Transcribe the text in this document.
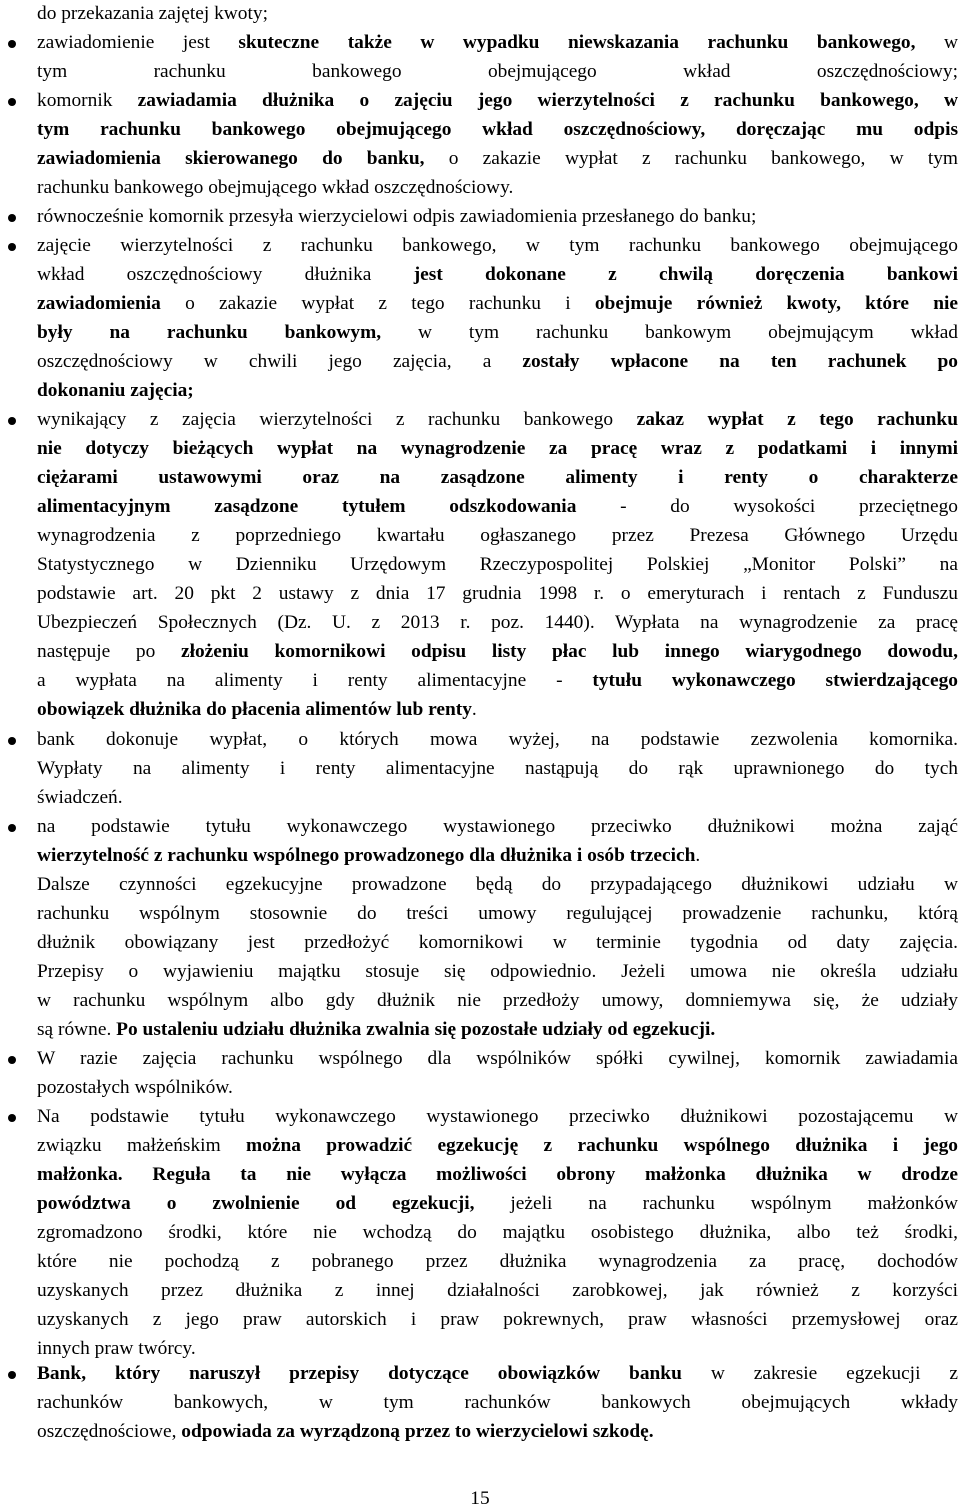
do przekazania zajętej kwoty;
zawiadomienie jest skuteczne także w wypadku niewskazania rachunku bankowego, w
tym rachunku bankowego obejmującego wkład oszczędnościowy;
komornik zawiadamia dłużnika o zajęciu jego wierzytelności z rachunku bankowego, w
tym rachunku bankowego obejmującego wkład oszczędnościowy, doręczając mu odpis
zawiadomienia skierowanego do banku, o zakazie wypłat z rachunku bankowego, w tym
rachunku bankowego obejmującego wkład oszczędnościowy.
równocześnie komornik przesyła wierzycielowi odpis zawiadomienia przesłanego do banku;
zajęcie wierzytelności z rachunku bankowego, w tym rachunku bankowego obejmującego
wkład oszczędnościowy dłużnika jest dokonane z chwilą doręczenia bankowi
zawiadomienia o zakazie wypłat z tego rachunku i obejmuje również kwoty, które nie
były na rachunku bankowym, w tym rachunku bankowym obejmującym wkład
oszczędnościowy w chwili jego zajęcia, a zostały wpłacone na ten rachunek po
dokonaniu zajęcia;
wynikający z zajęcia wierzytelności z rachunku bankowego zakaz wypłat z tego rachunku
nie dotyczy bieżących wypłat na wynagrodzenie za pracę wraz z podatkami i innymi
ciężarami ustawowymi oraz na zasądzone alimenty i renty o charakterze
alimentacyjnym zasądzone tytułem odszkodowania - do wysokości przeciętnego
wynagrodzenia z poprzedniego kwartału ogłaszanego przez Prezesa Głównego Urzędu
Statystycznego w Dzienniku Urzędowym Rzeczypospolitej Polskiej „Monitor Polski” na
podstawie art. 20 pkt 2 ustawy z dnia 17 grudnia 1998 r. o emeryturach i rentach z Funduszu
Ubezpieczeń Społecznych (Dz. U. z 2013 r. poz. 1440). Wypłata na wynagrodzenie za pracę
następuje po złożeniu komornikowi odpisu listy płac lub innego wiarygodnego dowodu,
a wypłata na alimenty i renty alimentacyjne - tytułu wykonawczego stwierdzającego
obowiązek dłużnika do płacenia alimentów lub renty.
bank dokonuje wypłat, o których mowa wyżej, na podstawie zezwolenia komornika.
Wypłaty na alimenty i renty alimentacyjne nastąpują do rąk uprawnionego do tych
świadczeń.
na podstawie tytułu wykonawczego wystawionego przeciwko dłużnikowi można zająć
wierzytelność z rachunku wspólnego prowadzonego dla dłużnika i osób trzecich.
Dalsze czynności egzekucyjne prowadzone będą do przypadającego dłużnikowi udziału w
rachunku wspólnym stosownie do treści umowy regulującej prowadzenie rachunku, którą
dłużnik obowiązany jest przedłożyć komornikowi w terminie tygodnia od daty zajęcia.
Przepisy o wyjawieniu majątku stosuje się odpowiednio. Jeżeli umowa nie określa udziału
w rachunku wspólnym albo gdy dłużnik nie przedłoży umowy, domniemywa się, że udziały
są równe. Po ustaleniu udziału dłużnika zwalnia się pozostałe udziały od egzekucji.
W razie zajęcia rachunku wspólnego dla wspólników spółki cywilnej, komornik zawiadamia
pozostałych wspólników.
Na podstawie tytułu wykonawczego wystawionego przeciwko dłużnikowi pozostającemu w
związku małżeńskim można prowadzić egzekucję z rachunku wspólnego dłużnika i jego
małżonka. Reguła ta nie wyłącza możliwości obrony małżonka dłużnika w drodze
powództwa o zwolnienie od egzekucji, jeżeli na rachunku wspólnym małżonków
zgromadzono środki, które nie wchodzą do majątku osobistego dłużnika, albo też środki,
które nie pochodzą z pobranego przez dłużnika wynagrodzenia za pracę, dochodów
uzyskanych przez dłużnika z innej działalności zarobkowej, jak również z korzyści
uzyskanych z jego praw autorskich i praw pokrewnych, praw własności przemysłowej oraz
innych praw twórcy.
Bank, który naruszył przepisy dotyczące obowiązków banku w zakresie egzekucji z
rachunków bankowych, w tym rachunków bankowych obejmujących wkłady
oszczędnościowe, odpowiada za wyrządzoną przez to wierzycielowi szkodę.
15
